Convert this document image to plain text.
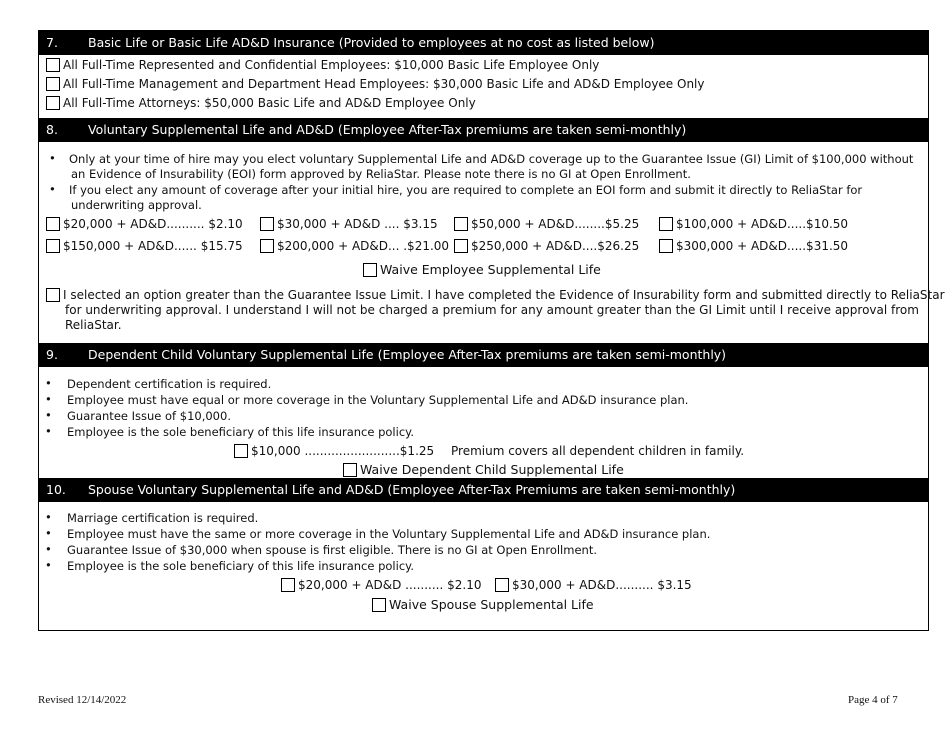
7. Basic Life or Basic Life AD&D Insurance (Provided to employees at no cost as listed below)
All Full-Time Represented and Confidential Employees: $10,000 Basic Life Employee Only
All Full-Time Management and Department Head Employees: $30,000 Basic Life and AD&D Employee Only
All Full-Time Attorneys: $50,000 Basic Life and AD&D Employee Only
8. Voluntary Supplemental Life and AD&D (Employee After-Tax premiums are taken semi-monthly)
• Only at your time of hire may you elect voluntary Supplemental Life and AD&D coverage up to the Guarantee Issue (GI) Limit of $100,000 without
an Evidence of Insurability (EOI) form approved by ReliaStar. Please note there is no GI at Open Enrollment.
• If you elect any amount of coverage after your initial hire, you are required to complete an EOI form and submit it directly to ReliaStar for
underwriting approval.
$20,000 + AD&D.......... $2.10	$30,000 + AD&D .... $3.15	$50,000 + AD&D........$5.25	$100,000 + AD&D.....$10.50
$150,000 + AD&D...... $15.75	$200,000 + AD&D... .$21.00	$250,000 + AD&D....$26.25	$300,000 + AD&D.....$31.50
Waive Employee Supplemental Life
I selected an option greater than the Guarantee Issue Limit. I have completed the Evidence of Insurability form and submitted directly to ReliaStar
for underwriting approval. I understand I will not be charged a premium for any amount greater than the GI Limit until I receive approval from
ReliaStar.
9. Dependent Child Voluntary Supplemental Life (Employee After-Tax premiums are taken semi-monthly)
• Dependent certification is required.
• Employee must have equal or more coverage in the Voluntary Supplemental Life and AD&D insurance plan.
• Guarantee Issue of $10,000.
• Employee is the sole beneficiary of this life insurance policy.
$10,000 .........................$1.25 Premium covers all dependent children in family.
Waive Dependent Child Supplemental Life
10. Spouse Voluntary Supplemental Life and AD&D (Employee After-Tax Premiums are taken semi-monthly)
• Marriage certification is required.
• Employee must have the same or more coverage in the Voluntary Supplemental Life and AD&D insurance plan.
• Guarantee Issue of $30,000 when spouse is first eligible. There is no GI at Open Enrollment.
• Employee is the sole beneficiary of this life insurance policy.
$20,000 + AD&D .......... $2.10	$30,000 + AD&D.......... $3.15
Waive Spouse Supplemental Life
Revised 12/14/2022	Page 4 of 7
